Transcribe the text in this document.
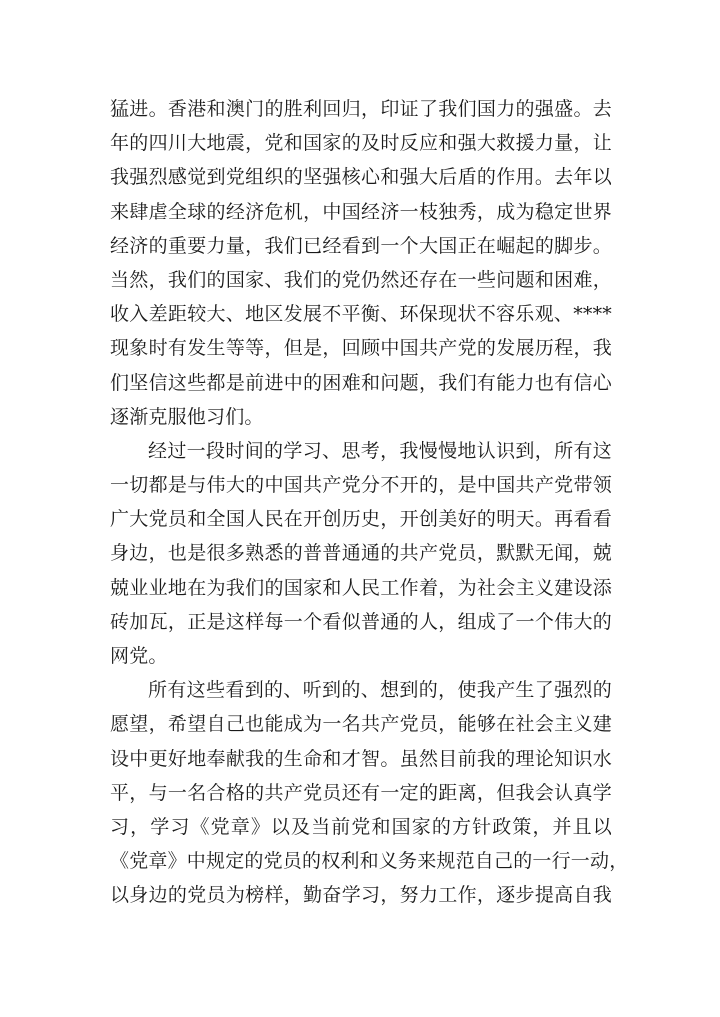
猛进。香港和澳门的胜利回归，印证了我们国力的强盛。去
年的四川大地震，党和国家的及时反应和强大救援力量，让
我强烈感觉到党组织的坚强核心和强大后盾的作用。去年以
来肆虐全球的经济危机，中国经济一枝独秀，成为稳定世界
经济的重要力量，我们已经看到一个大国正在崛起的脚步。
当然，我们的国家、我们的党仍然还存在一些问题和困难，
收入差距较大、地区发展不平衡、环保现状不容乐观、****
现象时有发生等等，但是，回顾中国共产党的发展历程，我
们坚信这些都是前进中的困难和问题，我们有能力也有信心
逐渐克服他习们。
经过一段时间的学习、思考，我慢慢地认识到，所有这
一切都是与伟大的中国共产党分不开的，是中国共产党带领
广大党员和全国人民在开创历史，开创美好的明天。再看看
身边，也是很多熟悉的普普通通的共产党员，默默无闻，兢
兢业业地在为我们的国家和人民工作着，为社会主义建设添
砖加瓦，正是这样每一个看似普通的人，组成了一个伟大的
网党。
所有这些看到的、听到的、想到的，使我产生了强烈的
愿望，希望自己也能成为一名共产党员，能够在社会主义建
设中更好地奉献我的生命和才智。虽然目前我的理论知识水
平，与一名合格的共产党员还有一定的距离，但我会认真学
习，学习《党章》以及当前党和国家的方针政策，并且以
《党章》中规定的党员的权利和义务来规范自己的一行一动，
以身边的党员为榜样，勤奋学习，努力工作，逐步提高自我
